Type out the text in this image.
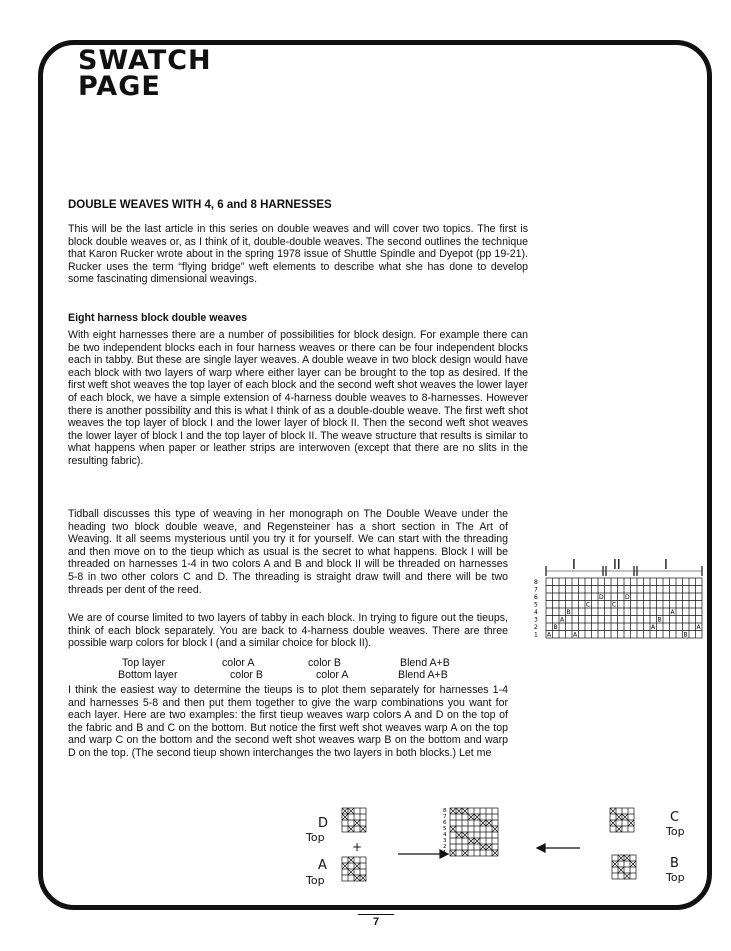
SWATCH
PAGE
DOUBLE WEAVES WITH 4, 6 and 8 HARNESSES

This will be the last article in this series on double weaves and will cover two topics. The first is block double weaves or, as I think of it, double-double weaves. The second outlines the technique that Karon Rucker wrote about in the spring 1978 issue of Shuttle Spindle and Dyepot (pp 19-21). Rucker uses the term “flying bridge” weft elements to describe what she has done to develop some fascinating dimensional weavings.

Eight harness block double weaves

With eight harnesses there are a number of possibilities for block design. For example there can be two independent blocks each in four harness weaves or there can be four independent blocks each in tabby. But these are single layer weaves. A double weave in two block design would have each block with two layers of warp where either layer can be brought to the top as desired. If the first weft shot weaves the top layer of each block and the second weft shot weaves the lower layer of each block, we have a simple extension of 4-harness double weaves to 8-harnesses. However there is another possibility and this is what I think of as a double-double weave. The first weft shot weaves the top layer of block I and the lower layer of block II. Then the second weft shot weaves the lower layer of block I and the top layer of block II. The weave structure that results is similar to what happens when paper or leather strips are interwoven (except that there are no slits in the resulting fabric).

Tidball discusses this type of weaving in her monograph on The Double Weave under the heading two block double weave, and Regensteiner has a short section in The Art of Weaving. It all seems mysterious until you try it for yourself. We can start with the threading and then move on to the tieup which as usual is the secret to what happens. Block I will be threaded on harnesses 1-4 in two colors A and B and block II will be threaded on harnesses 5-8 in two other colors C and D. The threading is straight draw twill and there will be two threads per dent of the reed.

We are of course limited to two layers of tabby in each block. In trying to figure out the tieups, think of each block separately. You are back to 4-harness double weaves. There are three possible warp colors for block I (and a similar choice for block II).

Top layer	color A	color B	Blend A+B
Bottom layer	color B	color A	Blend A+B

I think the easiest way to determine the tieups is to plot them separately for harnesses 1-4 and harnesses 5-8 and then put them together to give the warp combinations you want for each layer. Here are two examples: the first tieup weaves warp colors A and D on the top of the fabric and B and C on the bottom. But notice the first weft shot weaves warp A on the top and warp C on the bottom and the second weft shot weaves warp B on the bottom and warp D on the top. (The second tieup shown interchanges the two layers in both blocks.) Let me

8
7
6
5
4
3
2
1 A
B
A
B
A
C
D
C
D
A
B
A
B
A
I	II	I
D
Top
+
A
Top
C
Top
B
Top
8
7
6
5
4
3
2
1
7
